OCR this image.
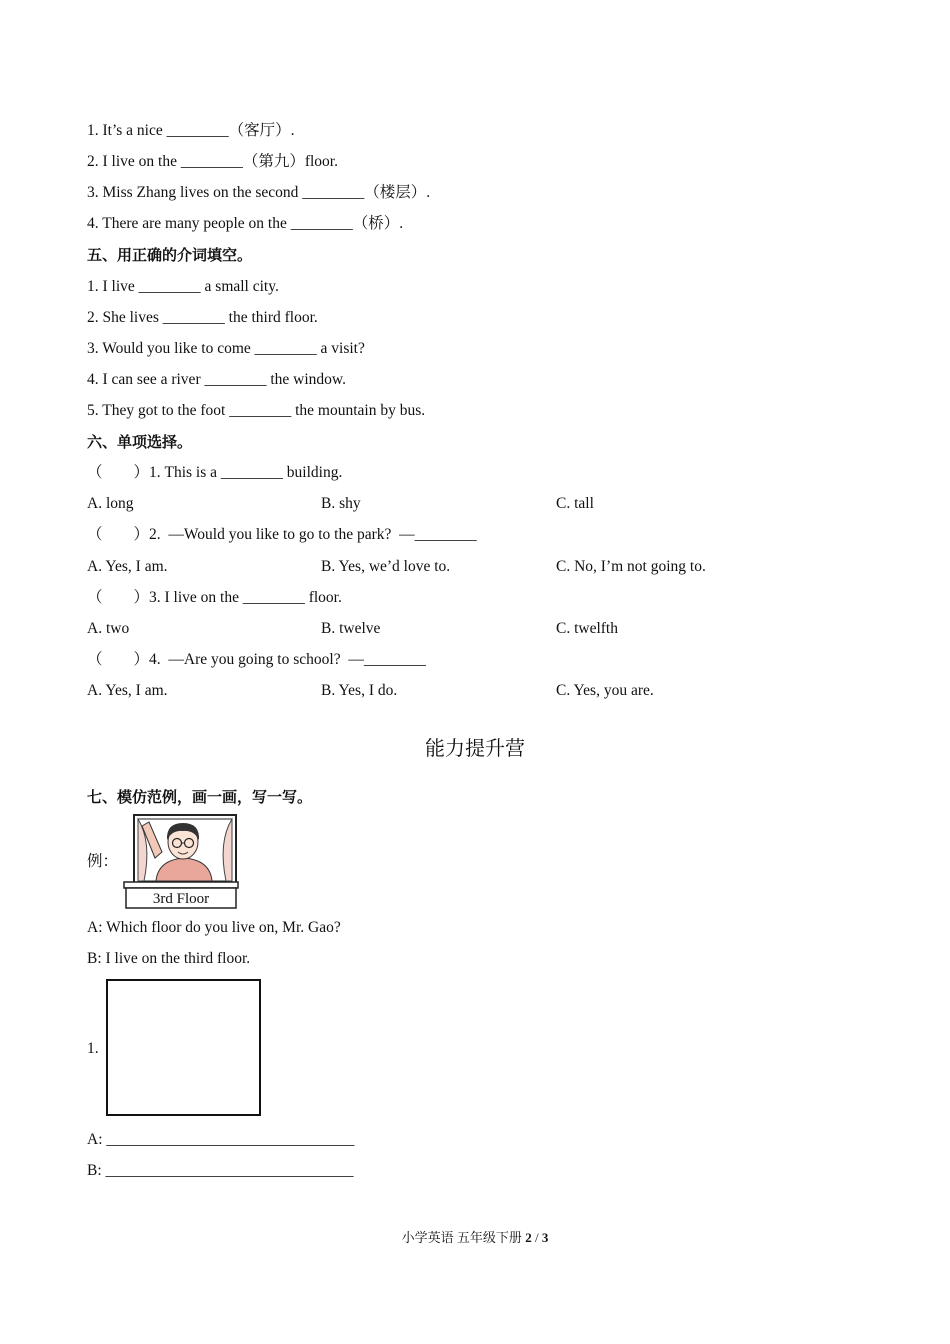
1. It’s a nice ________（客厅）.
2. I live on the ________（第九）floor.
3. Miss Zhang lives on the second ________（楼层）.
4. There are many people on the ________（桥）.
五、用正确的介词填空。
1. I live ________ a small city.
2. She lives ________ the third floor.
3. Would you like to come ________ a visit?
4. I can see a river ________ the window.
5. They got to the foot ________ the mountain by bus.
六、单项选择。
（　　）1. This is a ________ building.
A. long	B. shy	C. tall
（　　）2.  —Would you like to go to the park?  —________
A. Yes, I am.	B. Yes, we’d love to.	C. No, I’m not going to.
（　　）3. I live on the ________ floor.
A. two	B. twelve	C. twelfth
（　　）4.  —Are you going to school?  —________
A. Yes, I am.	B. Yes, I do.	C. Yes, you are.
能力提升营
七、模仿范例，画一画，写一写。
例：
3rd Floor
A: Which floor do you live on, Mr. Gao?
B: I live on the third floor.
1.
A: ________________________________
B: ________________________________
小学英语 五年级下册 2 / 3
